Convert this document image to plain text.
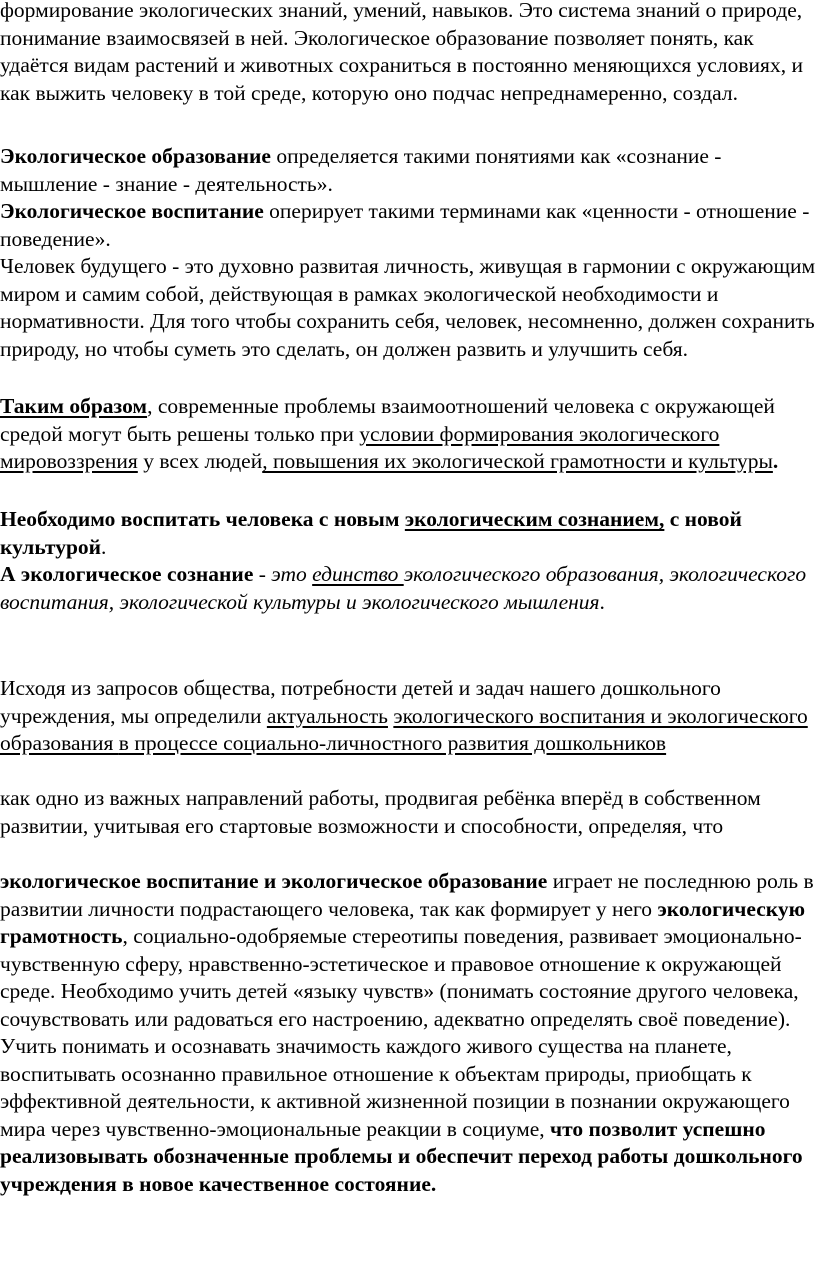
формирование экологических знаний, умений, навыков. Это система знаний о природе, понимание взаимосвязей в ней. Экологическое образование позволяет понять, как удаётся видам растений и животных сохраниться в постоянно меняющихся условиях, и как выжить человеку в той среде, которую оно подчас непреднамеренно, создал.

Экологическое образование определяется такими понятиями как «сознание - мышление - знание - деятельность».

Экологическое воспитание оперирует такими терминами как «ценности - отношение - поведение».

Человек будущего - это духовно развитая личность, живущая в гармонии с окружающим миром и самим собой, действующая в рамках экологической необходимости и нормативности. Для того чтобы сохранить себя, человек, несомненно, должен сохранить природу, но чтобы суметь это сделать, он должен развить и улучшить себя.

Таким образом, современные проблемы взаимоотношений человека с окружающей средой могут быть решены только при условии формирования экологического мировоззрения у всех людей, повышения их экологической грамотности и культуры.

Необходимо воспитать человека с новым экологическим сознанием, с новой культурой.

А экологическое сознание - это единство экологического образования, экологического воспитания, экологической культуры и экологического мышления.

Исходя из запросов общества, потребности детей и задач нашего дошкольного учреждения, мы определили актуальность экологического воспитания и экологического образования в процессе социально-личностного развития дошкольников

как одно из важных направлений работы, продвигая ребёнка вперёд в собственном развитии, учитывая его стартовые возможности и способности, определяя, что

экологическое воспитание и экологическое образование играет не последнюю роль в развитии личности подрастающего человека, так как формирует у него экологическую грамотность, социально-одобряемые стереотипы поведения, развивает эмоционально-чувственную сферу, нравственно-эстетическое и правовое отношение к окружающей среде. Необходимо учить детей «языку чувств» (понимать состояние другого человека, сочувствовать или радоваться его настроению, адекватно определять своё поведение). Учить понимать и осознавать значимость каждого живого существа на планете, воспитывать осознанно правильное отношение к объектам природы, приобщать к эффективной деятельности, к активной жизненной позиции в познании окружающего мира через чувственно-эмоциональные реакции в социуме, что позволит успешно реализовывать обозначенные проблемы и обеспечит переход работы дошкольного учреждения в новое качественное состояние.
